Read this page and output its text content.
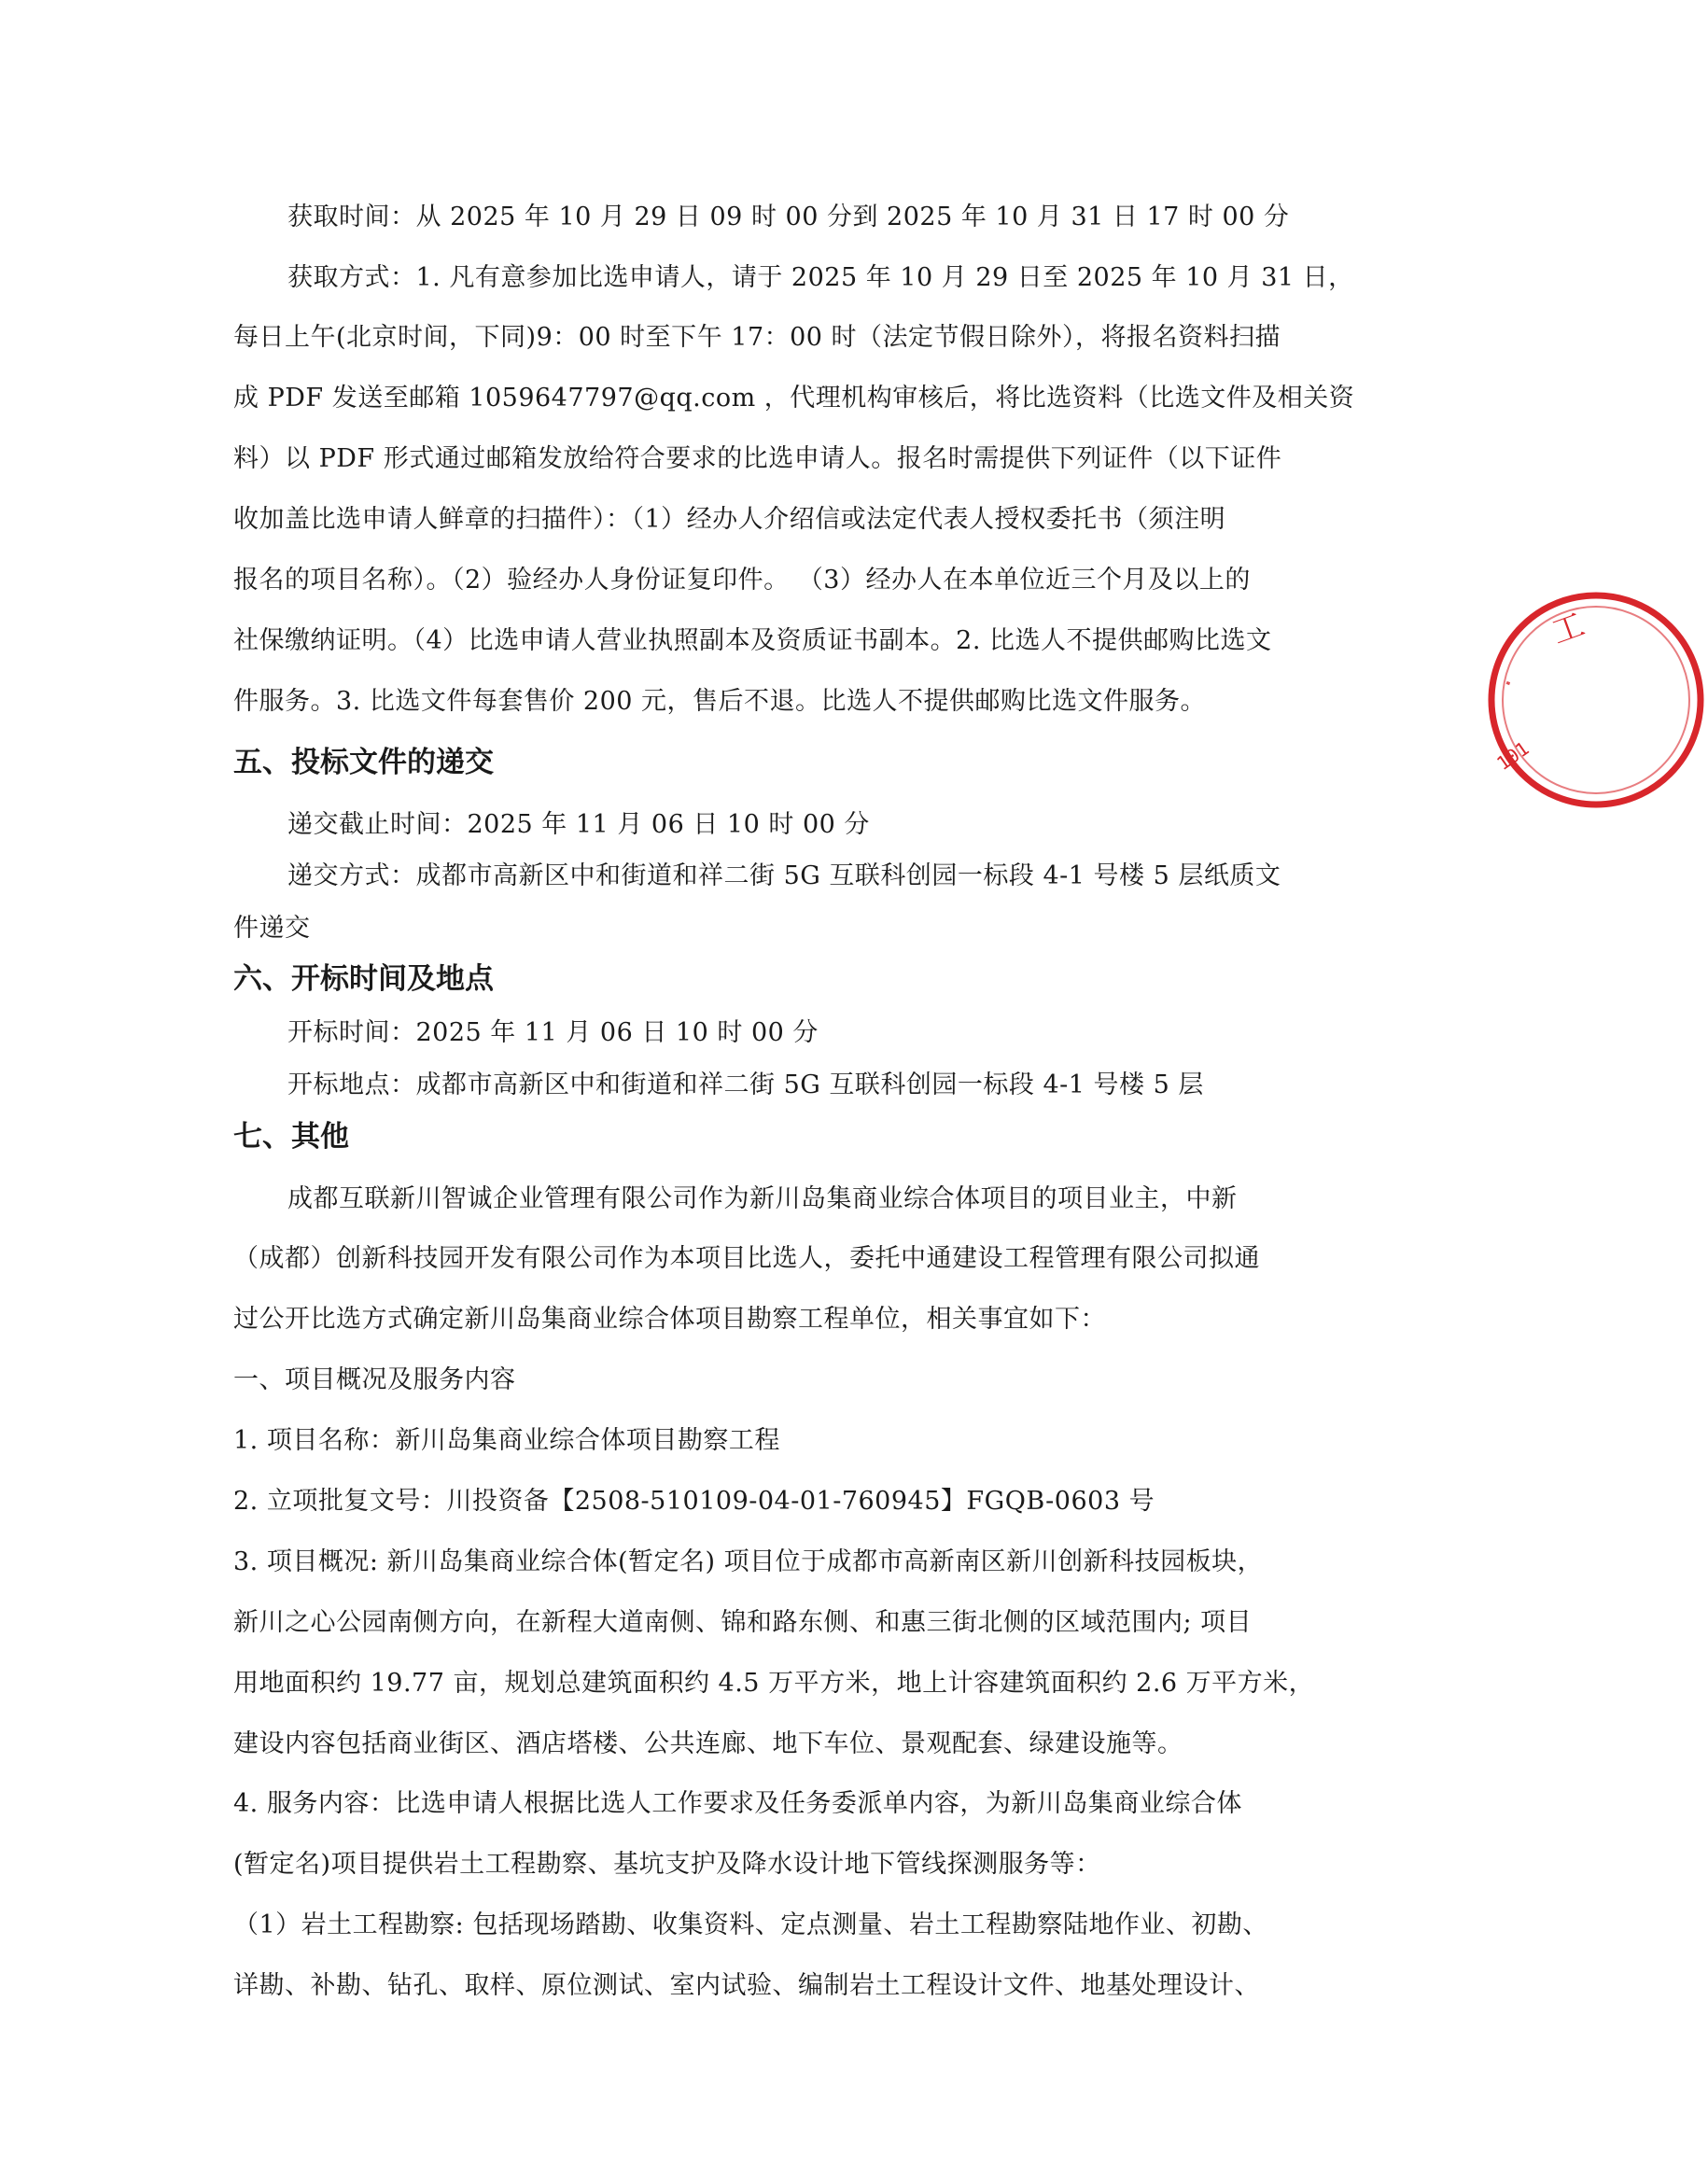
获取时间：从 2025 年 10 月 29 日 09 时 00 分到 2025 年 10 月 31 日 17 时 00 分
获取方式：1. 凡有意参加比选申请人，请于 2025 年 10 月 29 日至 2025 年 10 月 31 日，
每日上午(北京时间，下同)9：00 时至下午 17：00 时（法定节假日除外），将报名资料扫描
成 PDF 发送至邮箱 1059647797@qq.com ，代理机构审核后，将比选资料（比选文件及相关资
料）以 PDF 形式通过邮箱发放给符合要求的比选申请人。报名时需提供下列证件（以下证件
收加盖比选申请人鲜章的扫描件）：（1）经办人介绍信或法定代表人授权委托书（须注明
报名的项目名称）。（2）验经办人身份证复印件。 （3）经办人在本单位近三个月及以上的
社保缴纳证明。（4）比选申请人营业执照副本及资质证书副本。2. 比选人不提供邮购比选文
件服务。3. 比选文件每套售价 200 元，售后不退。比选人不提供邮购比选文件服务。
五、投标文件的递交
递交截止时间：2025 年 11 月 06 日 10 时 00 分
递交方式：成都市高新区中和街道和祥二街 5G 互联科创园一标段 4-1 号楼 5 层纸质文
件递交
六、开标时间及地点
开标时间：2025 年 11 月 06 日 10 时 00 分
开标地点：成都市高新区中和街道和祥二街 5G 互联科创园一标段 4-1 号楼 5 层
七、其他
成都互联新川智诚企业管理有限公司作为新川岛集商业综合体项目的项目业主，中新
（成都）创新科技园开发有限公司作为本项目比选人，委托中通建设工程管理有限公司拟通
过公开比选方式确定新川岛集商业综合体项目勘察工程单位，相关事宜如下：
一、项目概况及服务内容
1. 项目名称：新川岛集商业综合体项目勘察工程
2. 立项批复文号：川投资备【2508-510109-04-01-760945】FGQB-0603 号
3. 项目概况: 新川岛集商业综合体(暂定名) 项目位于成都市高新南区新川创新科技园板块，
新川之心公园南侧方向，在新程大道南侧、锦和路东侧、和惠三街北侧的区域范围内; 项目
用地面积约 19.77 亩，规划总建筑面积约 4.5 万平方米，地上计容建筑面积约 2.6 万平方米，
建设内容包括商业街区、酒店塔楼、公共连廊、地下车位、景观配套、绿建设施等。
4. 服务内容：比选申请人根据比选人工作要求及任务委派单内容，为新川岛集商业综合体
(暂定名)项目提供岩土工程勘察、基坑支护及降水设计地下管线探测服务等：
（1）岩土工程勘察: 包括现场踏勘、收集资料、定点测量、岩土工程勘察陆地作业、初勘、
详勘、补勘、钻孔、取样、原位测试、室内试验、编制岩土工程设计文件、地基处理设计、
工
·
101
